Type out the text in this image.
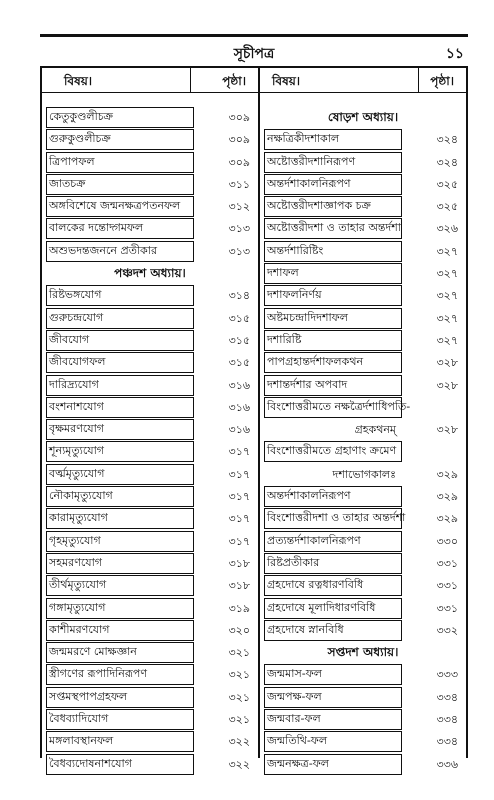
সূচীপত্র	১১
বিষয়।	পৃষ্ঠা।
কেতুকুণ্ডলীচক্র	৩০৯
গুরুকুণ্ডলীচক্র	৩০৯
ত্রিপাপফল	৩০৯
জাতচক্র	৩১১
অঙ্গবিশেষে জন্মনক্ষত্রপতনফল	৩১২
বালকের দন্তোদ্গমফল	৩১৩
অশুভদন্তজননে প্রতীকার	৩১৩
পঞ্চদশ অধ্যায়।
রিষ্টভঙ্গযোগ	৩১৪
গুরুচন্দ্রযোগ	৩১৫
জীবযোগ	৩১৫
জীবযোগফল	৩১৫
দারিদ্র্যযোগ	৩১৬
বংশনাশযোগ	৩১৬
বৃক্ষমরণযোগ	৩১৬
শূন্যমৃত্যুযোগ	৩১৭
বর্ত্মমৃত্যুযোগ	৩১৭
নৌকামৃত্যুযোগ	৩১৭
কারামৃত্যুযোগ	৩১৭
গৃহমৃত্যুযোগ	৩১৭
সহমরণযোগ	৩১৮
তীর্থমৃত্যুযোগ	৩১৮
গঙ্গামৃত্যুযোগ	৩১৯
কাশীমরণযোগ	৩২০
জন্মমরণে মোক্ষজ্ঞান	৩২১
স্ত্রীগণের রূপাদিনিরূপণ	৩২১
সপ্তমস্থপাপগ্রহফল	৩২১
বৈধব্যাদিযোগ	৩২১
মঙ্গলাবস্থানফল	৩২২
বৈধব্যদোষনাশযোগ	৩২২
বিষয়।	পৃষ্ঠা।
ষোড়শ অধ্যায়।
নক্ষত্রিকীদশাকাল	৩২৪
অষ্টোত্তরীদশানিরূপণ	৩২৪
অন্তর্দশাকালনিরূপণ	৩২৫
অষ্টোত্তরীদশাজ্ঞাপক চক্র	৩২৫
অষ্টোত্তরীদশা ও তাহার অন্তর্দশা	৩২৬
অন্তর্দশারিষ্টিং	৩২৭
দশাফল	৩২৭
দশাফলনির্ণয়	৩২৭
অষ্টমচন্দ্রাদিদশাফল	৩২৭
দশারিষ্টি	৩২৭
পাপগ্রহান্তর্দশাফলকথন	৩২৮
দশান্তর্দশার অপবাদ	৩২৮
বিংশোত্তরীমতে নক্ষত্রৈর্দশাধিপতি-
গ্রহকথনম্	৩২৮
বিংশোত্তরীমতে গ্রহাণাং ক্রমেণ
দশাভোগকালঃ	৩২৯
অন্তর্দশাকালনিরূপণ	৩২৯
বিংশোত্তরীদশা ও তাহার অন্তর্দশা	৩২৯
প্রত্যন্তর্দশাকালনিরূপণ	৩৩০
রিষ্টপ্রতীকার	৩৩১
গ্রহদোষে রত্নধারণবিধি	৩৩১
গ্রহদোষে মূলাদিধারণবিধি	৩৩১
গ্রহদোষে স্নানবিধি	৩৩২
সপ্তদশ অধ্যায়।
জন্মমাস-ফল	৩৩৩
জন্মপক্ষ-ফল	৩৩৪
জন্মবার-ফল	৩৩৪
জন্মতিথি-ফল	৩৩৪
জন্মনক্ষত্র-ফল	৩৩৬
